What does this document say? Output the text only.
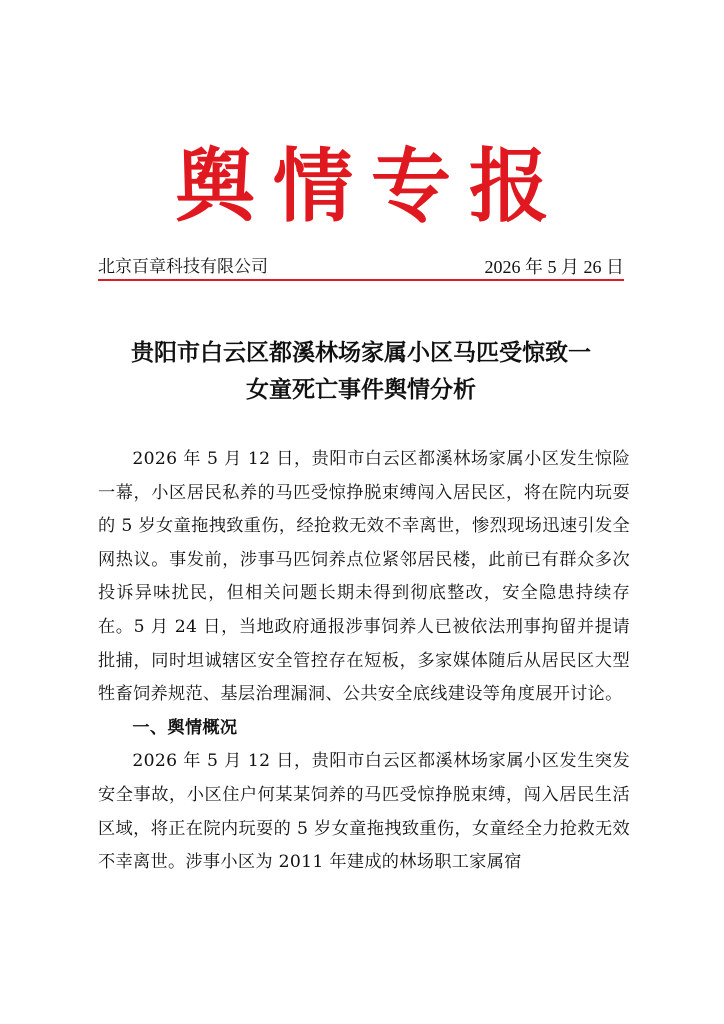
舆情专报
北京百章科技有限公司	2026 年 5 月 26 日
贵阳市白云区都溪林场家属小区马匹受惊致一
女童死亡事件舆情分析

2026 年 5 月 12 日，贵阳市白云区都溪林场家属小区发生惊险一幕，小区居民私养的马匹受惊挣脱束缚闯入居民区，将在院内玩耍的 5 岁女童拖拽致重伤，经抢救无效不幸离世，惨烈现场迅速引发全网热议。事发前，涉事马匹饲养点位紧邻居民楼，此前已有群众多次投诉异味扰民，但相关问题长期未得到彻底整改，安全隐患持续存在。5 月 24 日，当地政府通报涉事饲养人已被依法刑事拘留并提请批捕，同时坦诚辖区安全管控存在短板，多家媒体随后从居民区大型牲畜饲养规范、基层治理漏洞、公共安全底线建设等角度展开讨论。

一、舆情概况

2026 年 5 月 12 日，贵阳市白云区都溪林场家属小区发生突发安全事故，小区住户何某某饲养的马匹受惊挣脱束缚，闯入居民生活区域，将正在院内玩耍的 5 岁女童拖拽致重伤，女童经全力抢救无效不幸离世。涉事小区为 2011 年建成的林场职工家属宿
